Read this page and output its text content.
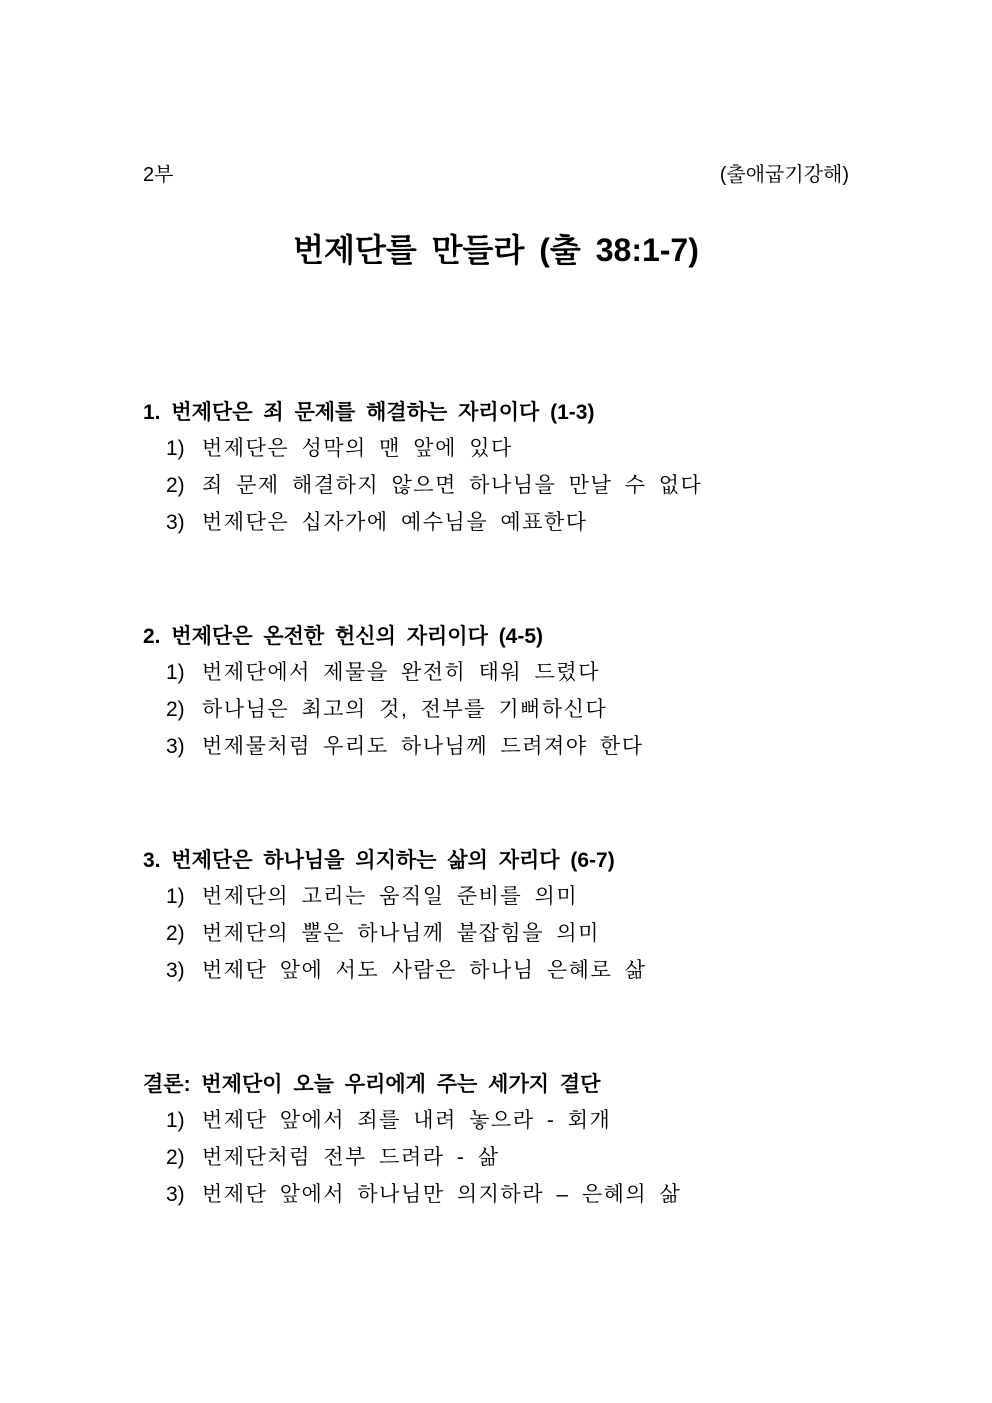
2부	(출애굽기강해)
번제단를 만들라 (출 38:1-7)
1. 번제단은 죄 문제를 해결하는 자리이다 (1-3)
1) 번제단은 성막의 맨 앞에 있다
2) 죄 문제 해결하지 않으면 하나님을 만날 수 없다
3) 번제단은 십자가에 예수님을 예표한다
2. 번제단은 온전한 헌신의 자리이다 (4-5)
1) 번제단에서 제물을 완전히 태워 드렸다
2) 하나님은 최고의 것, 전부를 기뻐하신다
3) 번제물처럼 우리도 하나님께 드려져야 한다
3. 번제단은 하나님을 의지하는 삶의 자리다 (6-7)
1) 번제단의 고리는 움직일 준비를 의미
2) 번제단의 뿔은 하나님께 붙잡힘을 의미
3) 번제단 앞에 서도 사람은 하나님 은혜로 삶
결론: 번제단이 오늘 우리에게 주는 세가지 결단
1) 번제단 앞에서 죄를 내려 놓으라 - 회개
2) 번제단처럼 전부 드려라 - 삶
3) 번제단 앞에서 하나님만 의지하라 – 은혜의 삶
